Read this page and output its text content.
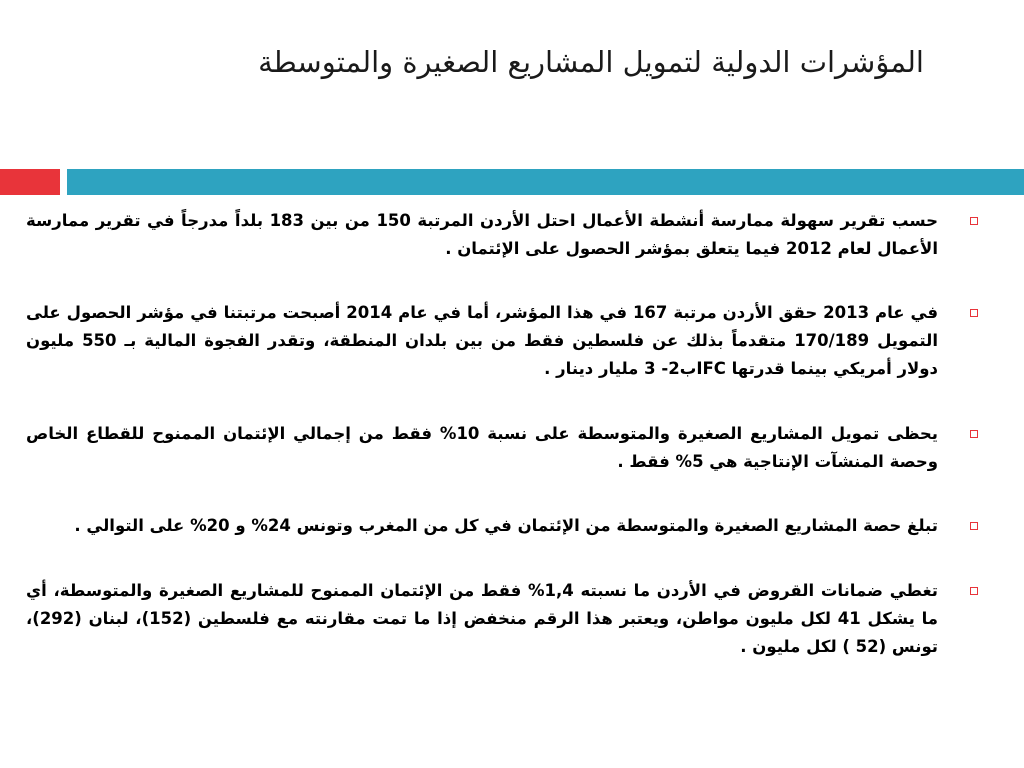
المؤشرات الدولية لتمويل المشاريع الصغيرة والمتوسطة
حسب تقرير سهولة ممارسة أنشطة الأعمال احتل الأردن المرتبة 150 من بين 183 بلداً مدرجاً في تقرير ممارسة الأعمال لعام 2012 فيما يتعلق بمؤشر الحصول على الإئتمان .
في عام 2013 حقق الأردن مرتبة 167 في هذا المؤشر، أما في عام 2014 أصبحت مرتبتنا في مؤشر الحصول على التمويل 170/189 متقدماً بذلك عن فلسطين فقط من بين بلدان المنطقة، وتقدر الفجوة المالية بـ 550 مليون دولار أمريكي بينما قدرتها IFCب2- 3 مليار دينار .
يحظى تمويل المشاريع الصغيرة والمتوسطة على نسبة 10% فقط من إجمالي الإئتمان الممنوح للقطاع الخاص وحصة المنشآت الإنتاجية هي 5% فقط .
تبلغ حصة المشاريع الصغيرة والمتوسطة من الإئتمان في كل من المغرب وتونس 24% و 20% على التوالي .
تغطي ضمانات القروض في الأردن ما نسبته 1,4% فقط من الإئتمان الممنوح للمشاريع الصغيرة والمتوسطة، أي ما يشكل 41 لكل مليون مواطن، ويعتبر هذا الرقم منخفض إذا ما تمت مقارنته مع فلسطين (152)، لبنان (292)، تونس (52 ) لكل مليون .
